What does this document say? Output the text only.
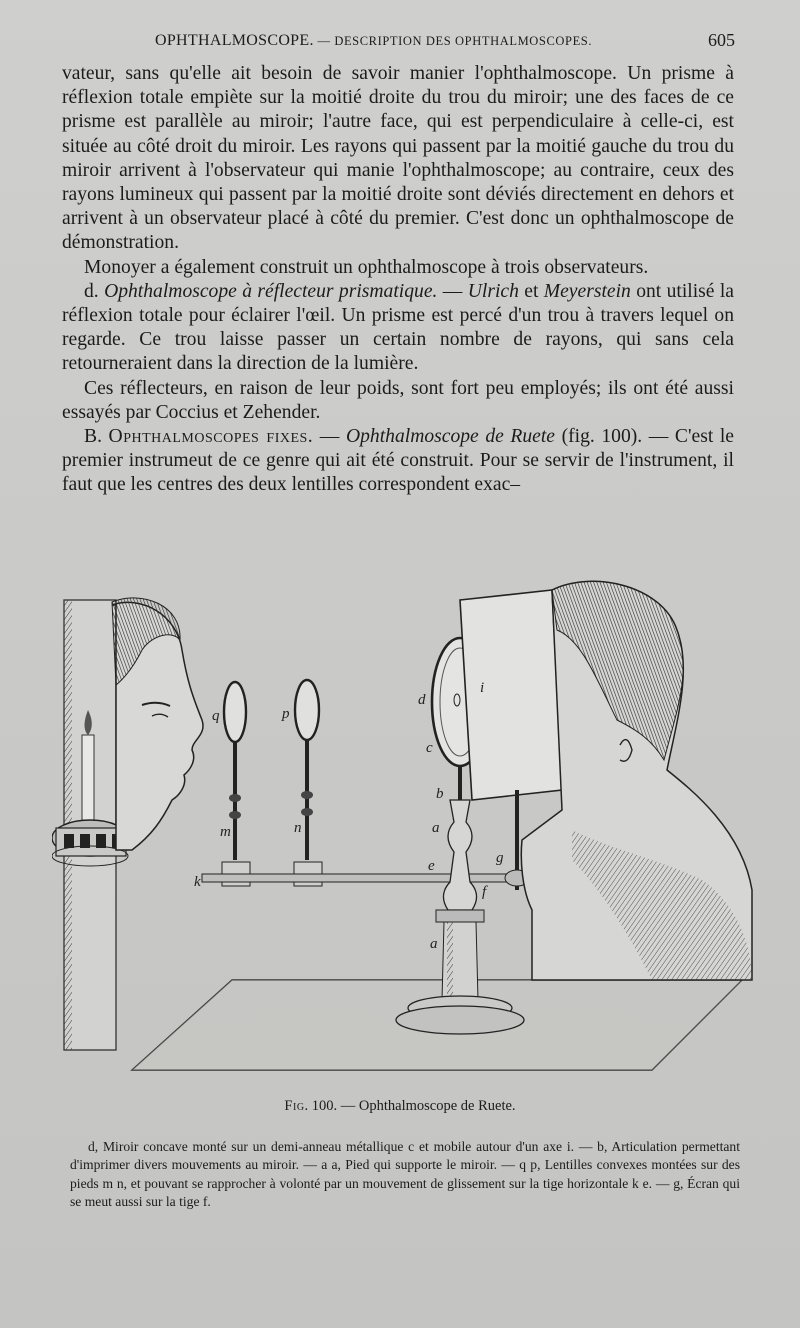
OPHTHALMOSCOPE. — DESCRIPTION DES OPHTHALMOSCOPES.	605

vateur, sans qu'elle ait besoin de savoir manier l'ophthalmoscope. Un prisme à réflexion totale empiète sur la moitié droite du trou du miroir; une des faces de ce prisme est parallèle au miroir; l'autre face, qui est perpendiculaire à celle-ci, est située au côté droit du miroir. Les rayons qui passent par la moitié gauche du trou du miroir arrivent à l'observateur qui manie l'ophthalmoscope; au contraire, ceux des rayons lumineux qui passent par la moitié droite sont déviés directement en dehors et arrivent à un observateur placé à côté du premier. C'est donc un ophthalmoscope de démonstration.

Monoyer a également construit un ophthalmoscope à trois observateurs.

d. Ophthalmoscope à réflecteur prismatique. — Ulrich et Meyerstein ont utilisé la réflexion totale pour éclairer l'œil. Un prisme est percé d'un trou à travers lequel on regarde. Ce trou laisse passer un certain nombre de rayons, qui sans cela retourneraient dans la direction de la lumière.

Ces réflecteurs, en raison de leur poids, sont fort peu employés; ils ont été aussi essayés par Coccius et Zehender.

B. Ophthalmoscopes fixes. — Ophthalmoscope de Ruete (fig. 100). — C'est le premier instrumeut de ce genre qui ait été construit. Pour se servir de l'instrument, il faut que les centres des deux lentilles correspondent exac–

q	p
d
i
c
b
a
a
m	n
e	g
f
k
Fig. 100. — Ophthalmoscope de Ruete.

d, Miroir concave monté sur un demi-anneau métallique c et mobile autour d'un axe i. — b, Articulation permettant d'imprimer divers mouvements au miroir. — a a, Pied qui supporte le miroir. — q p, Lentilles convexes montées sur des pieds m n, et pouvant se rapprocher à volonté par un mouvement de glissement sur la tige horizontale k e. — g, Écran qui se meut aussi sur la tige f.
